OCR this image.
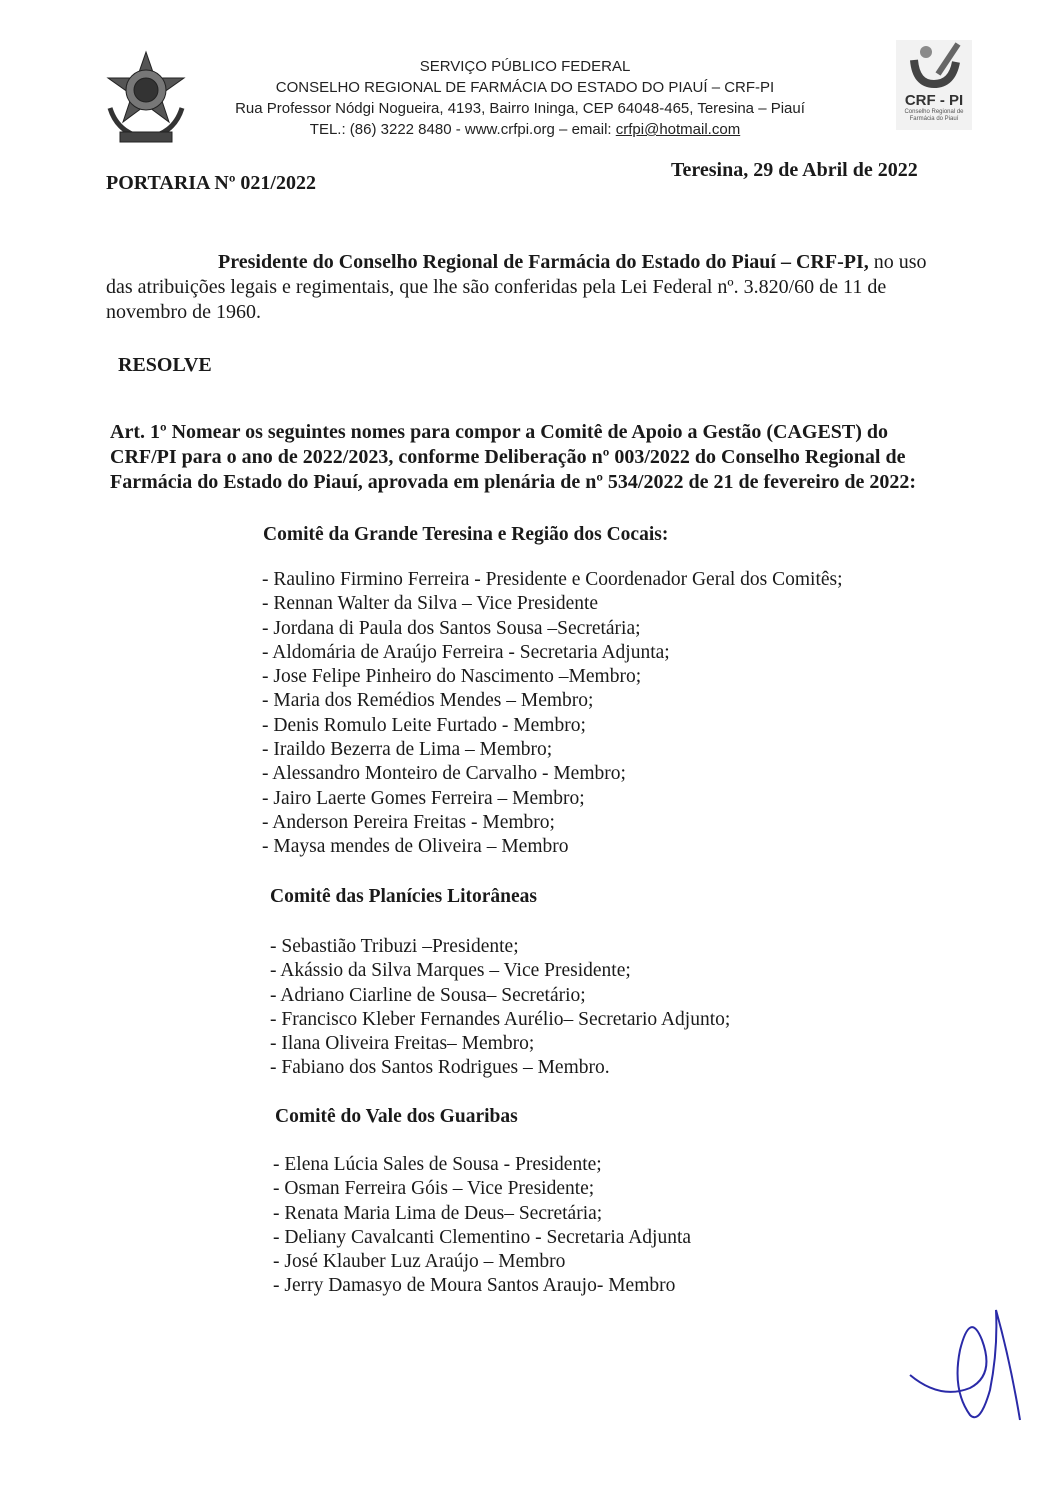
SERVIÇO PÚBLICO FEDERAL
CONSELHO REGIONAL DE FARMÁCIA DO ESTADO DO PIAUÍ – CRF-PI
Rua Professor Nódgi Nogueira, 4193, Bairro Ininga, CEP 64048-465, Teresina – Piauí
TEL.: (86) 3222 8480 - www.crfpi.org – email: crfpi@hotmail.com
CRF - PI
Conselho Regional de Farmácia do Piauí
PORTARIA Nº 021/2022
Teresina, 29 de Abril de 2022
Presidente do Conselho Regional de Farmácia do Estado do Piauí – CRF-PI, no uso
das atribuições legais e regimentais, que lhe são conferidas pela Lei Federal nº. 3.820/60 de 11 de
novembro de 1960.
RESOLVE
Art. 1º Nomear os seguintes nomes para compor a Comitê de Apoio a Gestão (CAGEST) do
CRF/PI para o ano de 2022/2023, conforme Deliberação nº 003/2022 do Conselho Regional de
Farmácia do Estado do Piauí, aprovada em plenária de nº 534/2022 de 21 de fevereiro de 2022:
Comitê da Grande Teresina e Região dos Cocais:
- Raulino Firmino Ferreira - Presidente e Coordenador Geral dos Comitês;
- Rennan Walter da Silva – Vice Presidente
- Jordana di Paula dos Santos Sousa –Secretária;
- Aldomária de Araújo Ferreira - Secretaria Adjunta;
- Jose Felipe Pinheiro do Nascimento –Membro;
- Maria dos Remédios Mendes – Membro;
- Denis Romulo Leite Furtado - Membro;
- Iraildo Bezerra de Lima – Membro;
- Alessandro Monteiro de Carvalho - Membro;
- Jairo Laerte Gomes Ferreira – Membro;
- Anderson Pereira Freitas - Membro;
- Maysa mendes de Oliveira – Membro
Comitê das Planícies Litorâneas
- Sebastião Tribuzi –Presidente;
- Akássio da Silva Marques – Vice Presidente;
- Adriano Ciarline de Sousa– Secretário;
- Francisco Kleber Fernandes Aurélio– Secretario Adjunto;
- Ilana Oliveira Freitas– Membro;
- Fabiano dos Santos Rodrigues – Membro.
Comitê do Vale dos Guaribas
- Elena Lúcia Sales de Sousa - Presidente;
- Osman Ferreira Góis – Vice Presidente;
- Renata Maria Lima de Deus– Secretária;
- Deliany Cavalcanti Clementino - Secretaria Adjunta
- José Klauber Luz Araújo – Membro
- Jerry Damasyo de Moura Santos Araujo- Membro
